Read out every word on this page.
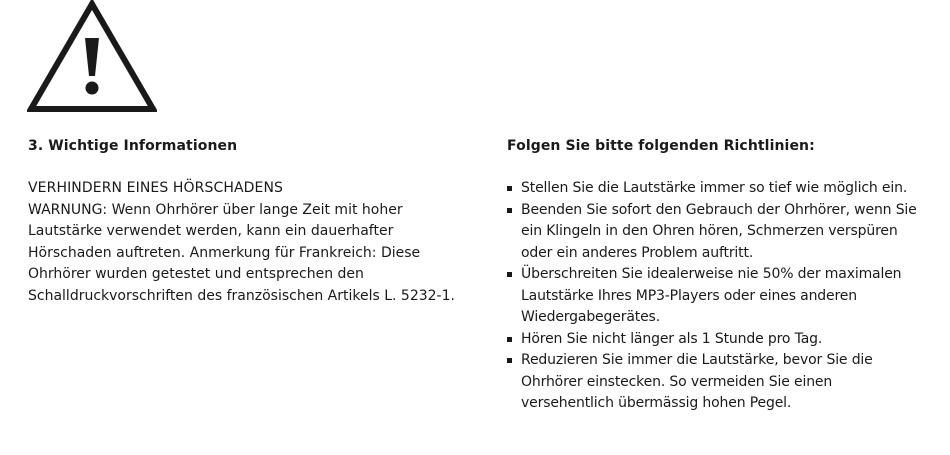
3. Wichtige Informationen

VERHINDERN EINES HÖRSCHADENS

WARNUNG: Wenn Ohrhörer über lange Zeit mit hoher Lautstärke verwendet werden, kann ein dauerhafter Hörschaden auftreten. Anmerkung für Frankreich: Diese Ohrhörer wurden getestet und entsprechen den Schalldruckvorschriften des französischen Artikels L. 5232-1.

Folgen Sie bitte folgenden Richtlinien:

Stellen Sie die Lautstärke immer so tief wie möglich ein.
Beenden Sie sofort den Gebrauch der Ohrhörer, wenn Sie ein Klingeln in den Ohren hören, Schmerzen verspüren oder ein anderes Problem auftritt.
Überschreiten Sie idealerweise nie 50% der maximalen Lautstärke Ihres MP3-Players oder eines anderen Wiedergabegerätes.
Hören Sie nicht länger als 1 Stunde pro Tag.
Reduzieren Sie immer die Lautstärke, bevor Sie die Ohrhörer einstecken. So vermeiden Sie einen versehentlich übermässig hohen Pegel.
